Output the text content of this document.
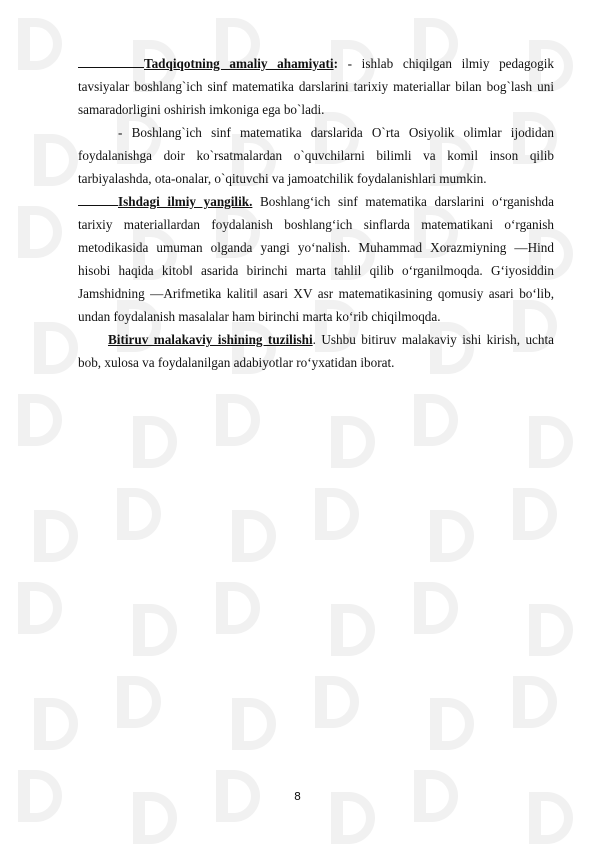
Tadqiqotning amaliy ahamiyati: - ishlab chiqilgan ilmiy pedagogik tavsiyalar boshlang`ich sinf matematika darslarini tarixiy materiallar bilan bog`lash uni samaradorligini oshirish imkoniga ega bo`ladi.

- Boshlang`ich sinf matematika darslarida O`rta Osiyolik olimlar ijodidan foydalanishga doir ko`rsatmalardan o`quvchilarni bilimli va komil inson qilib tarbiyalashda, ota-onalar, o`qituvchi va jamoatchilik foydalanishlari mumkin.

Ishdagi ilmiy yangilik. Boshlangʻich sinf matematika darslarini oʻrganishda tarixiy materiallardan foydalanish boshlangʻich sinflarda matematikani oʻrganish metodikasida umuman olganda yangi yoʻnalish. Muhammad Xorazmiyning —Hind hisobi haqida kitob‖ asarida birinchi marta tahlil qilib oʻrganilmoqda. Gʻiyosiddin Jamshidning —Arifmetika kaliti‖ asari XV asr matematikasining qomusiy asari boʻlib, undan foydalanish masalalar ham birinchi marta koʻrib chiqilmoqda.

Bitiruv malakaviy ishining tuzilishi. Ushbu bitiruv malakaviy ishi kirish, uchta bob, xulosa va foydalanilgan adabiyotlar ro‘yxatidan iborat.

8
